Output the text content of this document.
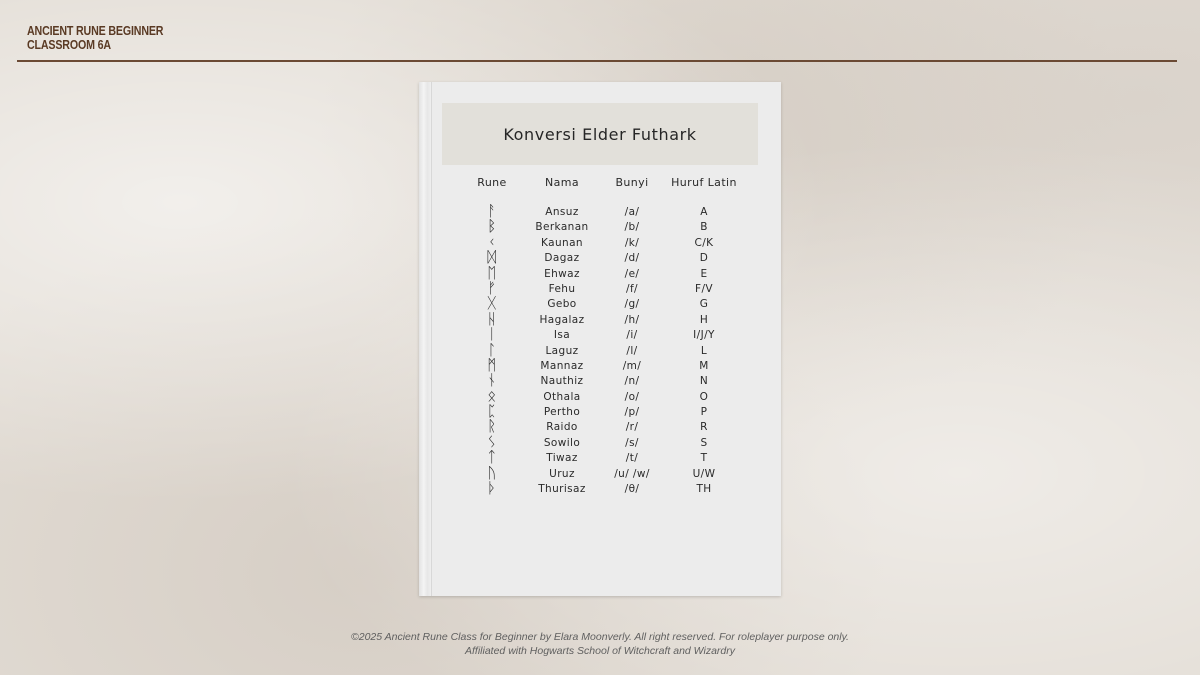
ANCIENT RUNE BEGINNER
CLASSROOM 6A
Konversi Elder Futhark
Rune	Nama	Bunyi	Huruf Latin
ᚨ	Ansuz	/a/	A
ᛒ	Berkanan	/b/	B
ᚲ	Kaunan	/k/	C/K
ᛞ	Dagaz	/d/	D
ᛖ	Ehwaz	/e/	E
ᚠ	Fehu	/f/	F/V
ᚷ	Gebo	/g/	G
ᚺ	Hagalaz	/h/	H
ᛁ	Isa	/i/	I/J/Y
ᛚ	Laguz	/l/	L
ᛗ	Mannaz	/m/	M
ᚾ	Nauthiz	/n/	N
ᛟ	Othala	/o/	O
ᛈ	Pertho	/p/	P
ᚱ	Raido	/r/	R
ᛊ	Sowilo	/s/	S
ᛏ	Tiwaz	/t/	T
ᚢ	Uruz	/u/ /w/	U/W
ᚦ	Thurisaz	/θ/	TH
©2025 Ancient Rune Class for Beginner by Elara Moonverly. All right reserved. For roleplayer purpose only.
Affiliated with Hogwarts School of Witchcraft and Wizardry
